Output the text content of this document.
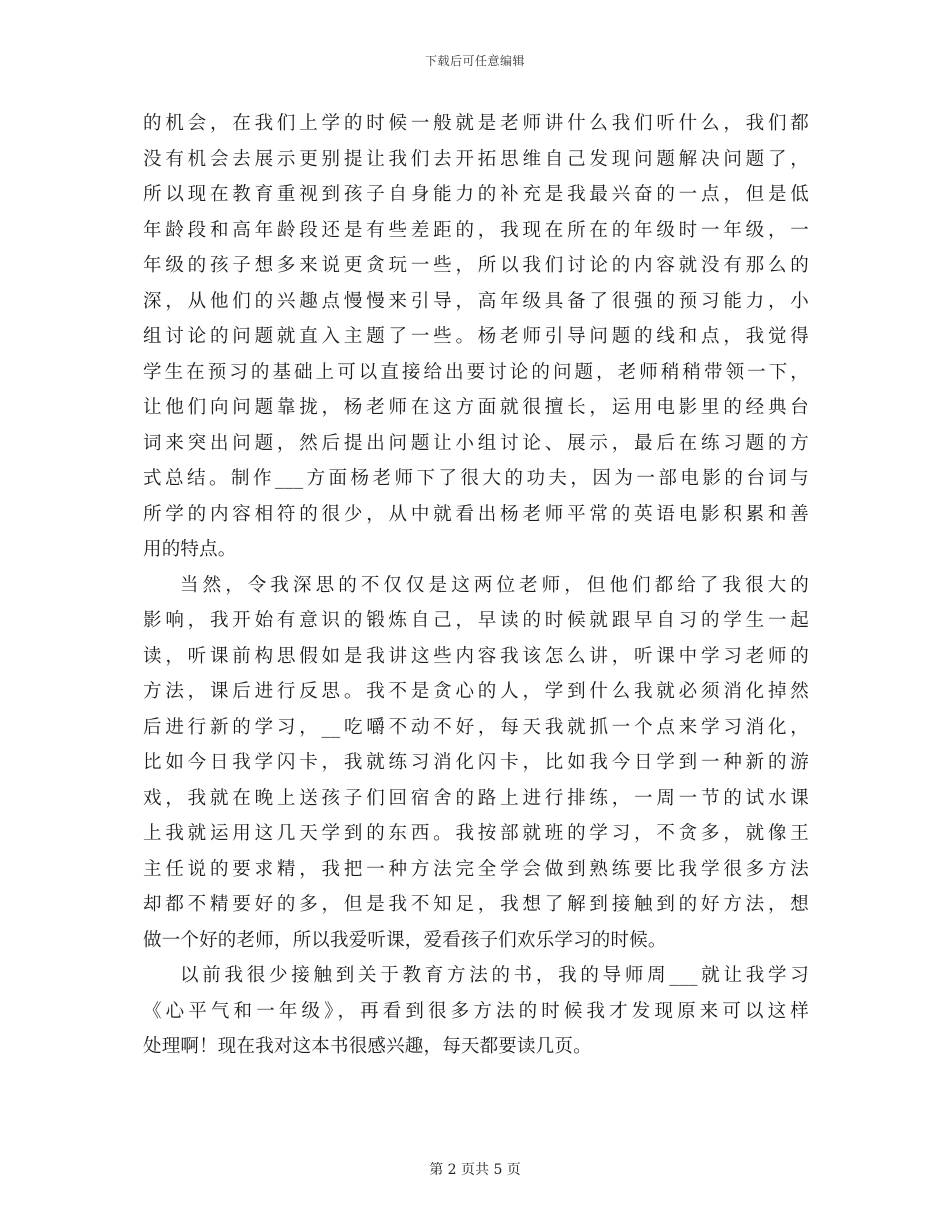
下载后可任意编辑
的机会，在我们上学的时候一般就是老师讲什么我们听什么，我们都
没有机会去展示更别提让我们去开拓思维自己发现问题解决问题了，
所以现在教育重视到孩子自身能力的补充是我最兴奋的一点，但是低
年龄段和高年龄段还是有些差距的，我现在所在的年级时一年级，一
年级的孩子想多来说更贪玩一些，所以我们讨论的内容就没有那么的
深，从他们的兴趣点慢慢来引导，高年级具备了很强的预习能力，小
组讨论的问题就直入主题了一些。杨老师引导问题的线和点，我觉得
学生在预习的基础上可以直接给出要讨论的问题，老师稍稍带领一下，
让他们向问题靠拢，杨老师在这方面就很擅长，运用电影里的经典台
词来突出问题，然后提出问题让小组讨论、展示，最后在练习题的方
式总结。制作___方面杨老师下了很大的功夫，因为一部电影的台词与
所学的内容相符的很少，从中就看出杨老师平常的英语电影积累和善
用的特点。
当然，令我深思的不仅仅是这两位老师，但他们都给了我很大的
影响，我开始有意识的锻炼自己，早读的时候就跟早自习的学生一起
读，听课前构思假如是我讲这些内容我该怎么讲，听课中学习老师的
方法，课后进行反思。我不是贪心的人，学到什么我就必须消化掉然
后进行新的学习，__吃嚼不动不好，每天我就抓一个点来学习消化，
比如今日我学闪卡，我就练习消化闪卡，比如我今日学到一种新的游
戏，我就在晚上送孩子们回宿舍的路上进行排练，一周一节的试水课
上我就运用这几天学到的东西。我按部就班的学习，不贪多，就像王
主任说的要求精，我把一种方法完全学会做到熟练要比我学很多方法
却都不精要好的多，但是我不知足，我想了解到接触到的好方法，想
做一个好的老师，所以我爱听课，爱看孩子们欢乐学习的时候。
以前我很少接触到关于教育方法的书，我的导师周___就让我学习
《心平气和一年级》，再看到很多方法的时候我才发现原来可以这样
处理啊！现在我对这本书很感兴趣，每天都要读几页。
第 2 页共 5 页
